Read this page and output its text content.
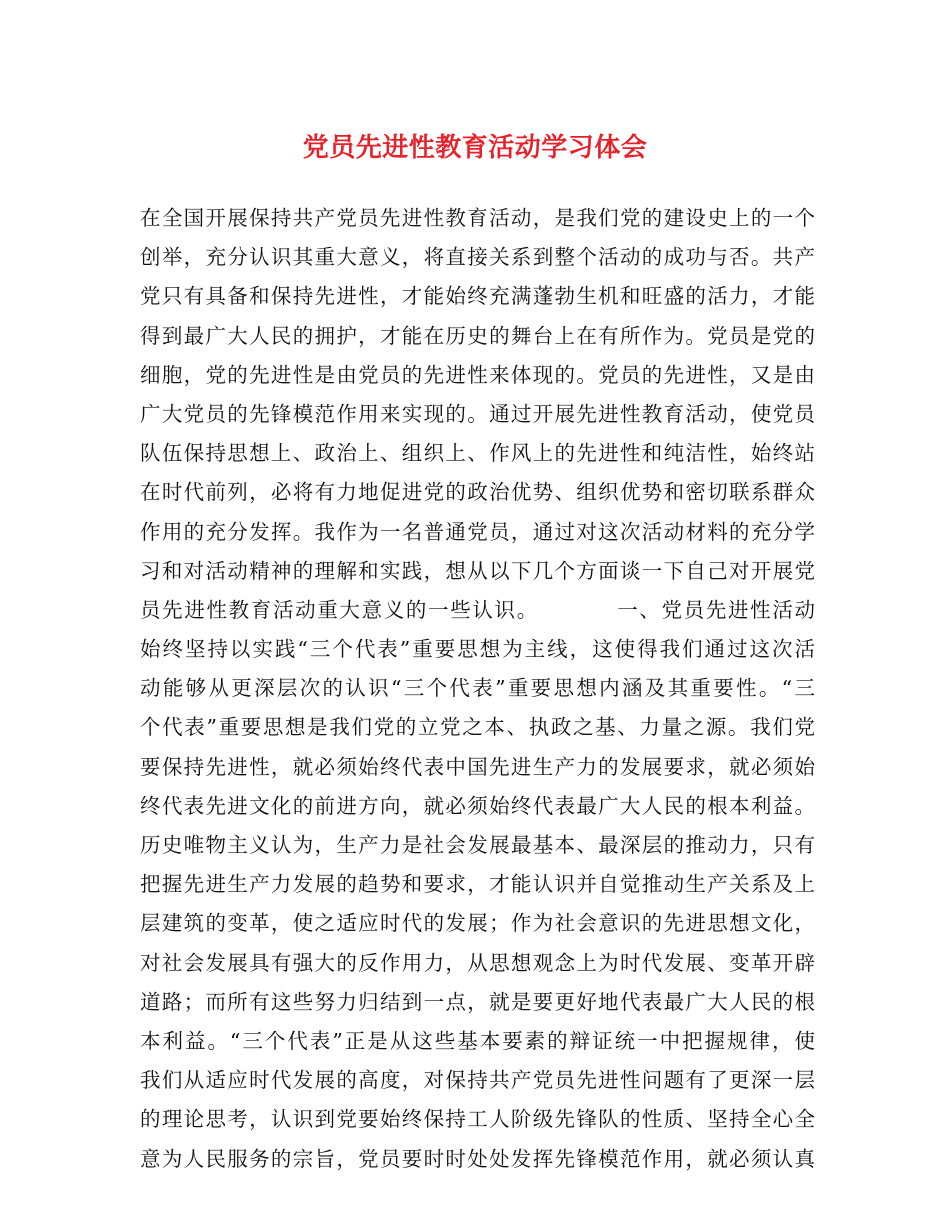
党员先进性教育活动学习体会
在全国开展保持共产党员先进性教育活动，是我们党的建设史上的一个
创举，充分认识其重大意义，将直接关系到整个活动的成功与否。共产
党只有具备和保持先进性，才能始终充满蓬勃生机和旺盛的活力，才能
得到最广大人民的拥护，才能在历史的舞台上在有所作为。党员是党的
细胞，党的先进性是由党员的先进性来体现的。党员的先进性，又是由
广大党员的先锋模范作用来实现的。通过开展先进性教育活动，使党员
队伍保持思想上、政治上、组织上、作风上的先进性和纯洁性，始终站
在时代前列，必将有力地促进党的政治优势、组织优势和密切联系群众
作用的充分发挥。我作为一名普通党员，通过对这次活动材料的充分学
习和对活动精神的理解和实践，想从以下几个方面谈一下自己对开展党
员先进性教育活动重大意义的一些认识。　　　　一、党员先进性活动
始终坚持以实践“三个代表”重要思想为主线，这使得我们通过这次活
动能够从更深层次的认识“三个代表”重要思想内涵及其重要性。“三
个代表”重要思想是我们党的立党之本、执政之基、力量之源。我们党
要保持先进性，就必须始终代表中国先进生产力的发展要求，就必须始
终代表先进文化的前进方向，就必须始终代表最广大人民的根本利益。
历史唯物主义认为，生产力是社会发展最基本、最深层的推动力，只有
把握先进生产力发展的趋势和要求，才能认识并自觉推动生产关系及上
层建筑的变革，使之适应时代的发展；作为社会意识的先进思想文化，
对社会发展具有强大的反作用力，从思想观念上为时代发展、变革开辟
道路；而所有这些努力归结到一点，就是要更好地代表最广大人民的根
本利益。“三个代表”正是从这些基本要素的辩证统一中把握规律，使
我们从适应时代发展的高度，对保持共产党员先进性问题有了更深一层
的理论思考，认识到党要始终保持工人阶级先锋队的性质、坚持全心全
意为人民服务的宗旨，党员要时时处处发挥先锋模范作用，就必须认真
